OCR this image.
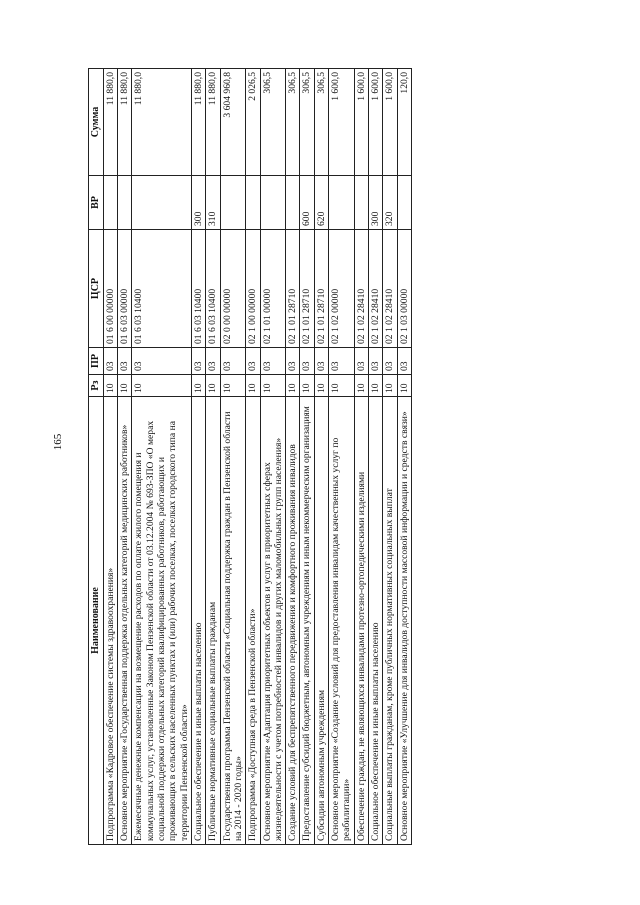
165
Наименование	Рз	ПР	ЦСР	ВР	Сумма
Подпрограмма «Кадровое обеспечение системы здравоохранения»	10	03	01 6 00 00000		11 880,0
Основное мероприятие «Государственная поддержка отдельных категорий медицинских работников»	10	03	01 6 03 00000		11 880,0
Ежемесячные денежные компенсации на возмещение расходов по оплате жилого помещения и коммунальных услуг, установленные Законом Пензенской области от 03.12.2004 № 693-ЗПО «О мерах социальной поддержки отдельных категорий квалифицированных работников, работающих и проживающих в сельских населенных пунктах и (или) рабочих поселках, поселках городского типа на территории Пензенской области»	10	03	01 6 03 10400		11 880,0
Социальное обеспечение и иные выплаты населению	10	03	01 6 03 10400	300	11 880,0
Публичные нормативные социальные выплаты гражданам	10	03	01 6 03 10400	310	11 880,0
Государственная программа Пензенской области «Социальная поддержка граждан в Пензенской области на 2014 - 2020 годы»	10	03	02 0 00 00000		3 604 960,8
Подпрограмма «Доступная среда в Пензенской области»	10	03	02 1 00 00000		2 026,5
Основное мероприятие «Адаптация приоритетных объектов и услуг в приоритетных сферах жизнедеятельности с учетом потребностей инвалидов и других маломобильных групп населения»	10	03	02 1 01 00000		306,5
Создание условий для беспрепятственного передвижения и комфортного проживания инвалидов	10	03	02 1 01 28710		306,5
Предоставление субсидий бюджетным, автономным учреждениям и иным некоммерческим организациям	10	03	02 1 01 28710	600	306,5
Субсидии автономным учреждениям	10	03	02 1 01 28710	620	306,5
Основное мероприятие «Создание условий для предоставления инвалидам качественных услуг по реабилитации»	10	03	02 1 02 00000		1 600,0
Обеспечение граждан, не являющихся инвалидами протезно-ортопедическими изделиями	10	03	02 1 02 28410		1 600,0
Социальное обеспечение и иные выплаты населению	10	03	02 1 02 28410	300	1 600,0
Социальные выплаты гражданам, кроме публичных нормативных социальных выплат	10	03	02 1 02 28410	320	1 600,0
Основное мероприятие «Улучшение для инвалидов доступности массовой информации и средств связи»	10	03	02 1 03 00000		120,0
